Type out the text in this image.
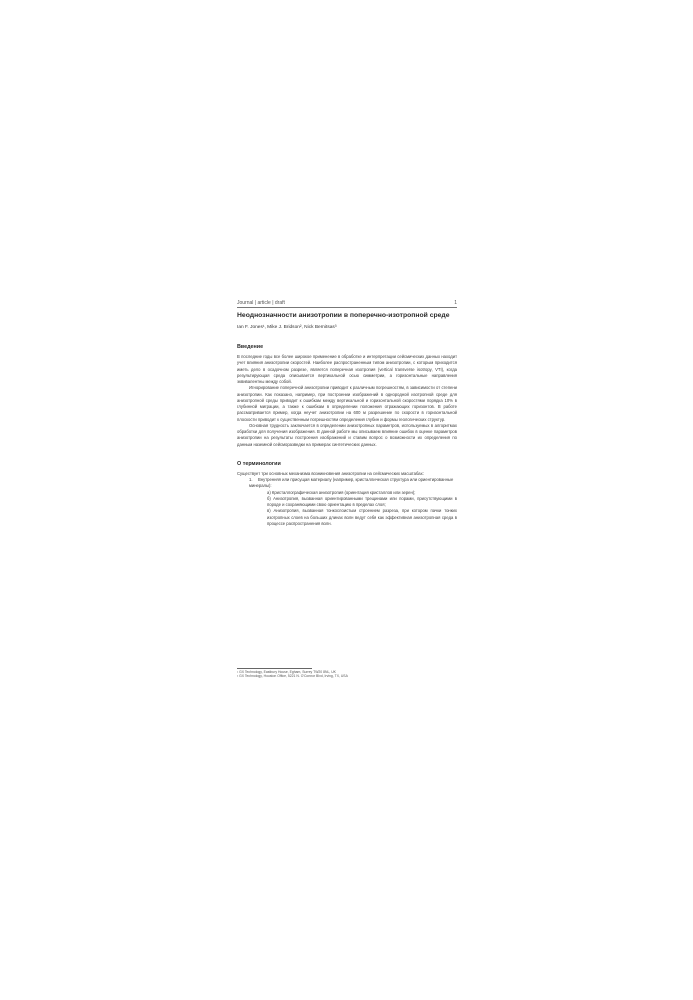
Journal | article | draft	1
Неоднозначности анизотропии в поперечно-изотропной среде
Ian F. Jones¹, Mike J. Bridson², Nick Bernitsas³
Введение

В последние годы все более широкое применение в обработке и интерпретации сейсмических данных находит учет влияния анизотропии скоростей. Наиболее распространенным типом анизотропии, с которым приходится иметь дело в осадочном разрезе, является поперечная изотропия (vertical transverse isotropy, VTI), когда результирующая среда описывается вертикальной осью симметрии, а горизонтальные направления эквивалентны между собой.

Игнорирование поперечной анизотропии приводит к различным погрешностям, в зависимости от степени анизотропии. Как показано, например, при построении изображений в однородной изотропной среде для анизотропной среды приводит к ошибкам между вертикальной и горизонтальной скоростями порядка 10% в глубинной миграции, а также к ошибкам в определении положения отражающих горизонтов. В работе рассматривается пример, когда неучет анизотропии на 600 м разрешение по скорости в горизонтальной плоскости приводит к существенным погрешностям определения глубин и формы геологических структур.

Основная трудность заключается в определении анизотропных параметров, используемых в алгоритмах обработки для получения изображения. В данной работе мы описываем влияние ошибок в оценке параметров анизотропии на результаты построения изображений и ставим вопрос о возможности их определения по данным наземной сейсморазведки на примерах синтетических данных.

О терминологии

Существует три основных механизма возникновения анизотропии на сейсмических масштабах:

1. Внутренняя или присущая материалу (например, кристаллическая структура или ориентированные минералы):
а) Кристаллографическая анизотропия (ориентация кристаллов или зерен);
б) Анизотропия, вызванная ориентированными трещинами или порами, присутствующими в породе и сохраняющими свою ориентацию в пределах слоя;
в) Анизотропия, вызванная тонкослоистым строением разреза, при котором пачки тонких изотропных слоев на больших длинах волн ведут себя как эффективная анизотропная среда в процессе распространения волн.
¹ GX Technology, Eastbury House, Egham, Surrey TW20 8NL, UK
² GX Technology, Houston Office, 5221 N. O'Connor Blvd, Irving, TX, USA
